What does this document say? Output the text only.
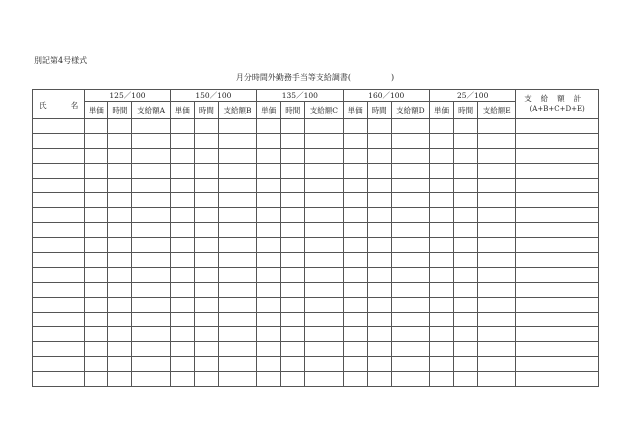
別記第4号様式
月分時間外勤務手当等支給調書(	)
氏 名	125／100			150／100			135／100			160／100			25／100			支給額計
(A+B+C+D+E)

	単価	時間	支給額A	単価	時間	支給額B	単価	時間	支給額C	単価	時間	支給額D	単価	時間	支給額E	
